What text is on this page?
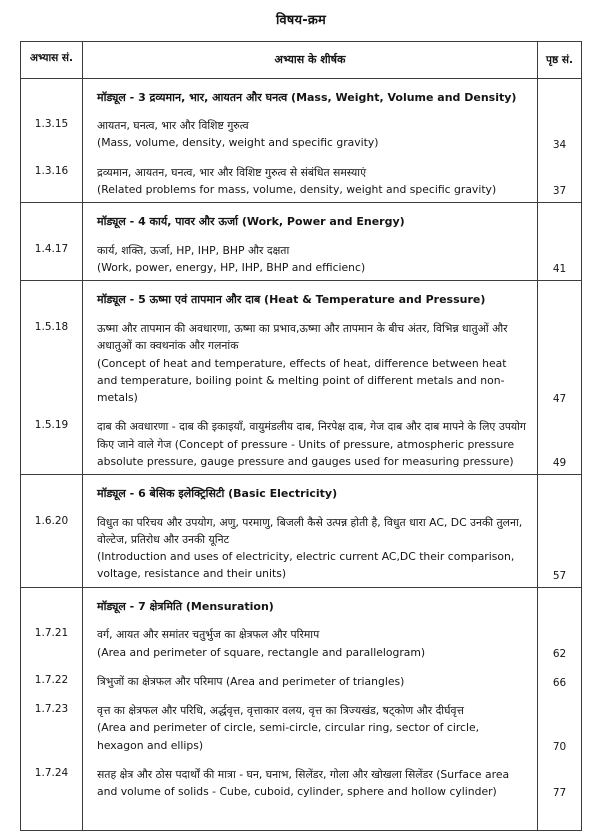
विषय-क्रम
अभ्यास सं.	अभ्यास के शीर्षक	पृष्ठ सं.
मॉड्यूल - 3 द्रव्यमान, भार, आयतन और घनत्व (Mass, Weight, Volume and Density)
1.3.15	आयतन, घनत्व, भार और विशिष्ट गुरुत्व
(Mass, volume, density, weight and specific gravity)	34
1.3.16	द्रव्यमान, आयतन, घनत्व, भार और विशिष्ट गुरुत्व से संबंधित समस्याएं
(Related problems for mass, volume, density, weight and specific gravity)	37
मॉड्यूल - 4 कार्य, पावर और ऊर्जा (Work, Power and Energy)
1.4.17	कार्य, शक्ति, ऊर्जा, HP, IHP, BHP और दक्षता
(Work, power, energy, HP, IHP, BHP and efficienc)	41
मॉड्यूल - 5 ऊष्मा एवं तापमान और दाब (Heat & Temperature and Pressure)
1.5.18	ऊष्मा और तापमान की अवधारणा, ऊष्मा का प्रभाव,ऊष्मा और तापमान के बीच अंतर, विभिन्न धातुओं और अधातुओं का क्वथनांक और गलनांक
(Concept of heat and temperature, effects of heat, difference between heat and temperature, boiling point & melting point of different metals and non-metals)	47
1.5.19	दाब की अवधारणा - दाब की इकाइयाँ, वायुमंडलीय दाब, निरपेक्ष दाब, गेज दाब और दाब मापने के लिए उपयोग किए जाने वाले गेज (Concept of pressure - Units of pressure, atmospheric pressure absolute pressure, gauge pressure and gauges used for measuring pressure)	49
मॉड्यूल - 6 बेसिक इलेक्ट्रिसिटी (Basic Electricity)
1.6.20	विधुत का परिचय और उपयोग, अणु, परमाणु, बिजली कैसे उत्पन्न होती है, विधुत धारा AC, DC उनकी तुलना, वोल्टेज, प्रतिरोध और उनकी यूनिट
(Introduction and uses of electricity, electric current AC,DC their comparison, voltage, resistance and their units)	57
मॉड्यूल - 7 क्षेत्रमिति (Mensuration)
1.7.21	वर्ग, आयत और समांतर चतुर्भुज का क्षेत्रफल और परिमाप
(Area and perimeter of square, rectangle and parallelogram)	62
1.7.22	त्रिभुजों का क्षेत्रफल और परिमाप (Area and perimeter of triangles)	66
1.7.23	वृत्त का क्षेत्रफल और परिधि, अर्द्धवृत्त, वृत्ताकार वलय, वृत्त का त्रिज्यखंड, षट्कोण और दीर्घवृत्त
(Area and perimeter of circle, semi-circle, circular ring, sector of circle, hexagon and ellips)	70
1.7.24	सतह क्षेत्र और ठोस पदार्थों की मात्रा - घन, घनाभ, सिलेंडर, गोला और खोखला सिलेंडर (Surface area and volume of solids - Cube, cuboid, cylinder, sphere and hollow cylinder)	77
